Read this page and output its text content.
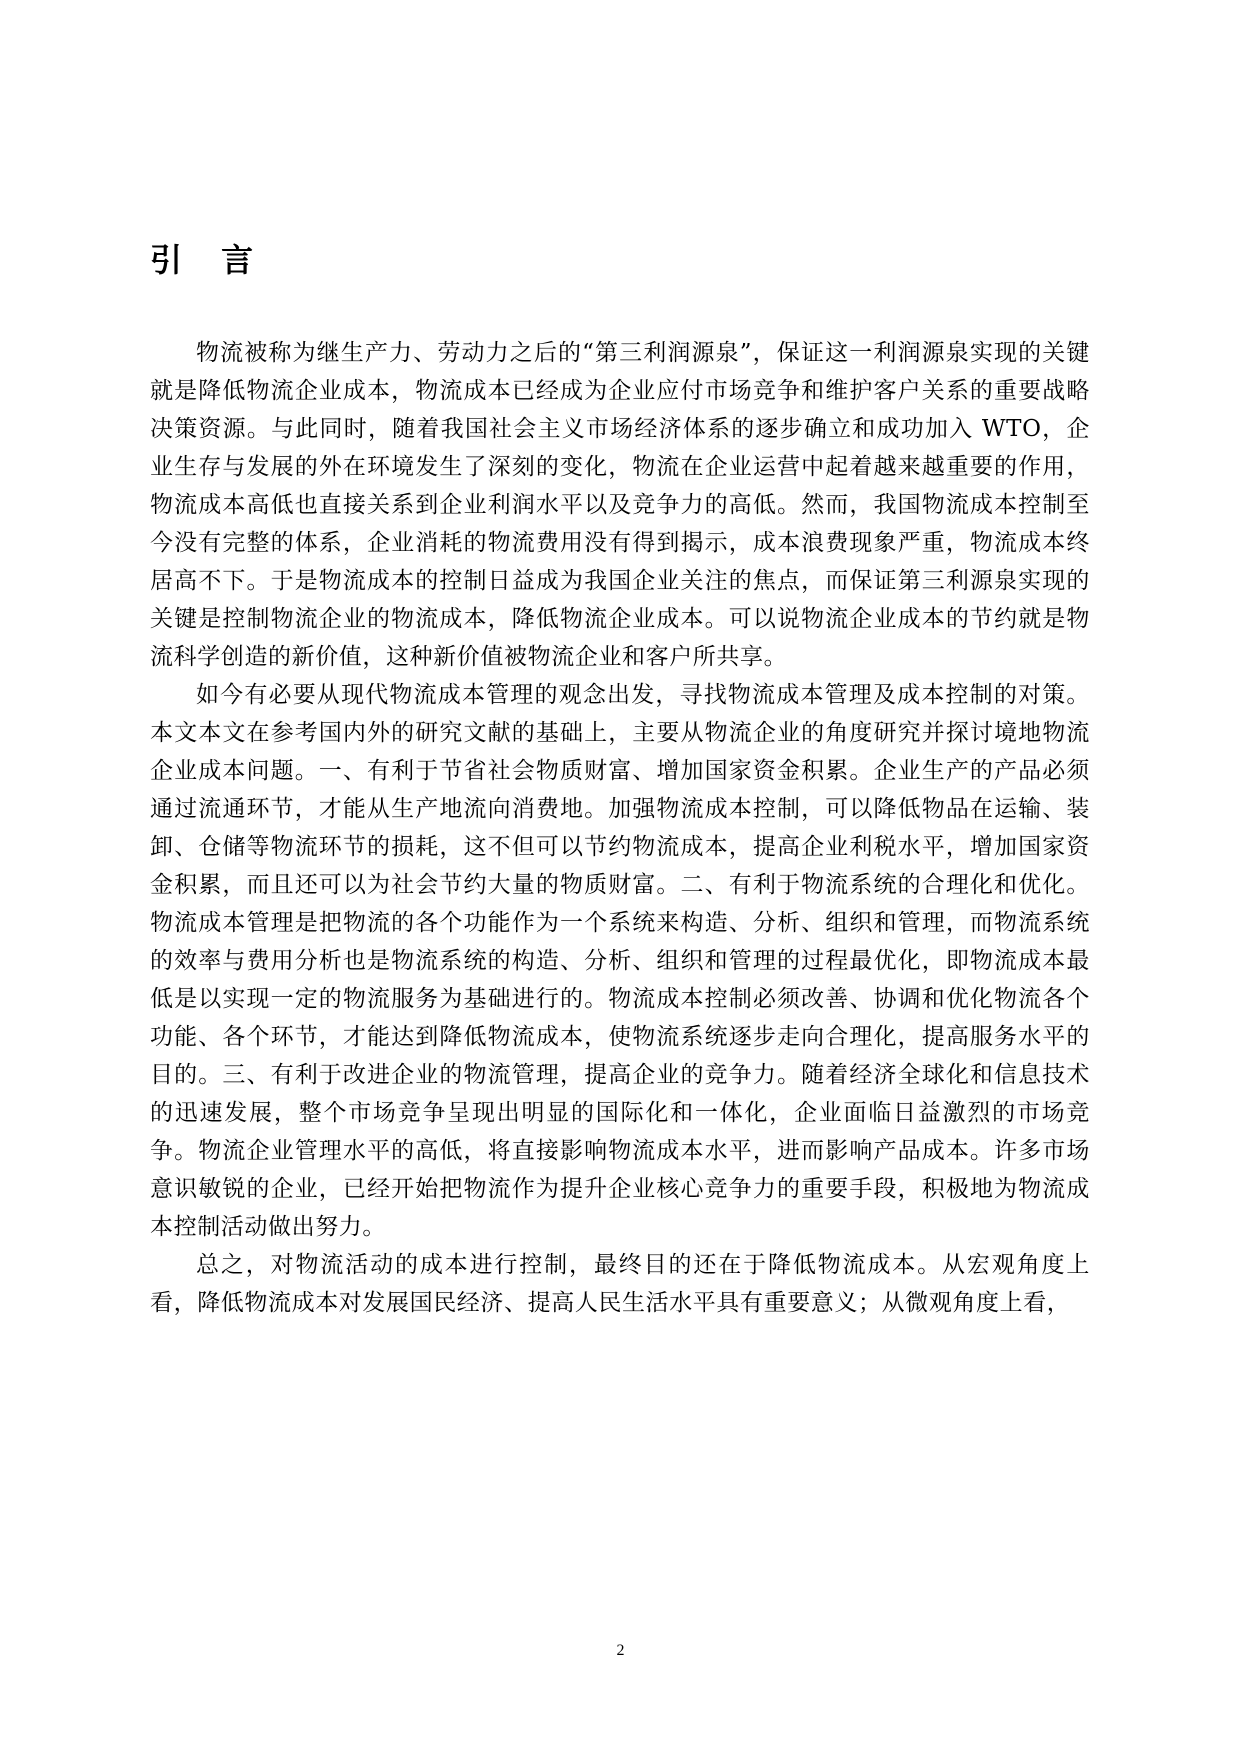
引 言

物流被称为继生产力、劳动力之后的“第三利润源泉”，保证这一利润源泉实现的关键就是降低物流企业成本，物流成本已经成为企业应付市场竞争和维护客户关系的重要战略决策资源。与此同时，随着我国社会主义市场经济体系的逐步确立和成功加入 WTO，企业生存与发展的外在环境发生了深刻的变化，物流在企业运营中起着越来越重要的作用，物流成本高低也直接关系到企业利润水平以及竞争力的高低。然而，我国物流成本控制至今没有完整的体系，企业消耗的物流费用没有得到揭示，成本浪费现象严重，物流成本终居高不下。于是物流成本的控制日益成为我国企业关注的焦点，而保证第三利源泉实现的关键是控制物流企业的物流成本，降低物流企业成本。可以说物流企业成本的节约就是物流科学创造的新价值，这种新价值被物流企业和客户所共享。

如今有必要从现代物流成本管理的观念出发，寻找物流成本管理及成本控制的对策。本文本文在参考国内外的研究文献的基础上，主要从物流企业的角度研究并探讨境地物流企业成本问题。一、有利于节省社会物质财富、增加国家资金积累。企业生产的产品必须通过流通环节，才能从生产地流向消费地。加强物流成本控制，可以降低物品在运输、装卸、仓储等物流环节的损耗，这不但可以节约物流成本，提高企业利税水平，增加国家资金积累，而且还可以为社会节约大量的物质财富。二、有利于物流系统的合理化和优化。物流成本管理是把物流的各个功能作为一个系统来构造、分析、组织和管理，而物流系统的效率与费用分析也是物流系统的构造、分析、组织和管理的过程最优化，即物流成本最低是以实现一定的物流服务为基础进行的。物流成本控制必须改善、协调和优化物流各个功能、各个环节，才能达到降低物流成本，使物流系统逐步走向合理化，提高服务水平的目的。三、有利于改进企业的物流管理，提高企业的竞争力。随着经济全球化和信息技术的迅速发展，整个市场竞争呈现出明显的国际化和一体化，企业面临日益激烈的市场竞争。物流企业管理水平的高低，将直接影响物流成本水平，进而影响产品成本。许多市场意识敏锐的企业，已经开始把物流作为提升企业核心竞争力的重要手段，积极地为物流成本控制活动做出努力。

总之，对物流活动的成本进行控制，最终目的还在于降低物流成本。从宏观角度上看，降低物流成本对发展国民经济、提高人民生活水平具有重要意义；从微观角度上看，

2
